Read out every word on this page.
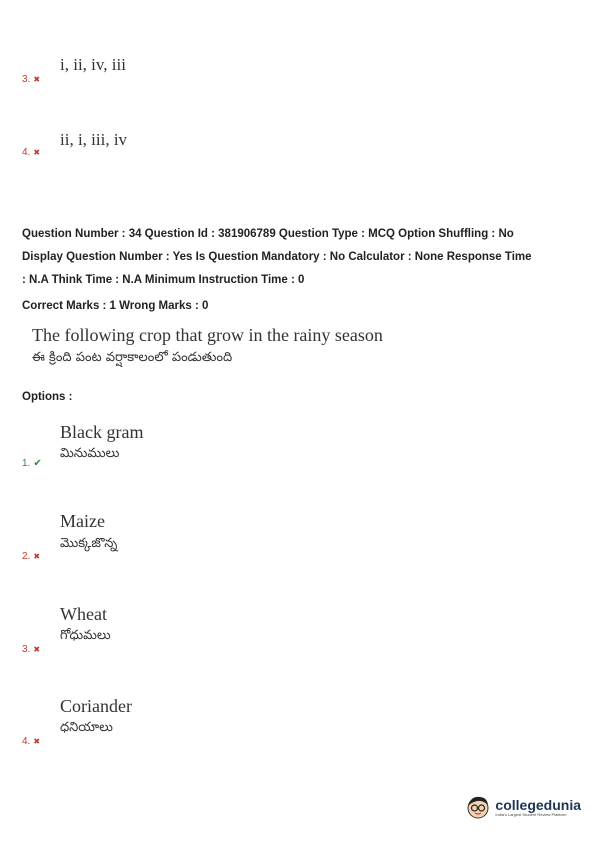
i, ii, iv, iii
3. ✖
ii, i, iii, iv
4. ✖
Question Number : 34 Question Id : 381906789 Question Type : MCQ Option Shuffling : No
Display Question Number : Yes Is Question Mandatory : No Calculator : None Response Time
: N.A Think Time : N.A Minimum Instruction Time : 0
Correct Marks : 1 Wrong Marks : 0
The following crop that grow in the rainy season
ఈ క్రింది పంట వర్షాకాలంలో పండుతుంది
Options :
Black gram
మినుములు
1. ✔
Maize
మొక్కజొన్న
2. ✖
Wheat
గోధుమలు
3. ✖
Coriander
ధనియాలు
4. ✖
collegedunia
India's Largest Student Review Platform
